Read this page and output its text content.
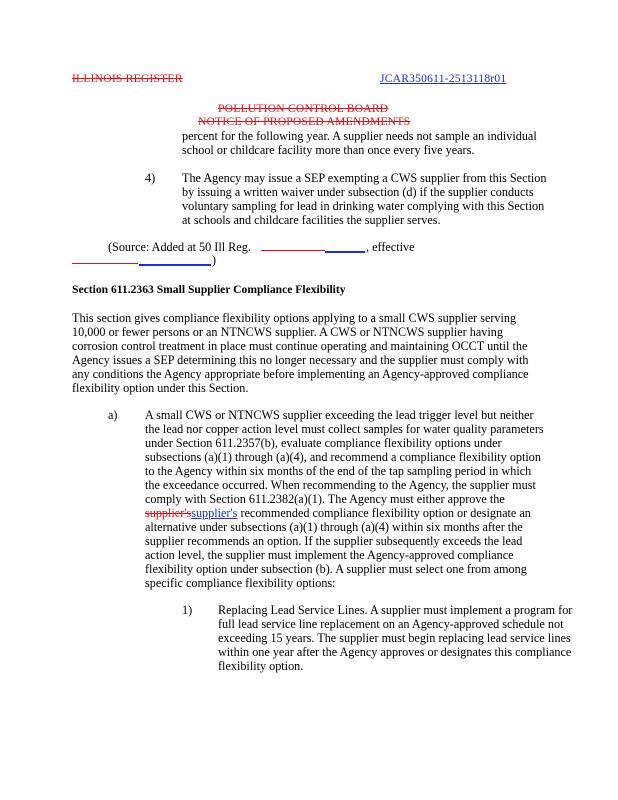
ILLINOIS REGISTER	JCAR350611-2513118r01
POLLUTION CONTROL BOARD
NOTICE OF PROPOSED AMENDMENTS
percent for the following year. A supplier needs not sample an individual
school or childcare facility more than once every five years.
4) The Agency may issue a SEP exempting a CWS supplier from this Section
by issuing a written waiver under subsection (d) if the supplier conducts
voluntary sampling for lead in drinking water complying with this Section
at schools and childcare facilities the supplier serves.
(Source: Added at 50 Ill Reg.	, effective
)
Section 611.2363 Small Supplier Compliance Flexibility
This section gives compliance flexibility options applying to a small CWS supplier serving
10,000 or fewer persons or an NTNCWS supplier. A CWS or NTNCWS supplier having
corrosion control treatment in place must continue operating and maintaining OCCT until the
Agency issues a SEP determining this no longer necessary and the supplier must comply with
any conditions the Agency appropriate before implementing an Agency-approved compliance
flexibility option under this Section.
a) A small CWS or NTNCWS supplier exceeding the lead trigger level but neither
the lead nor copper action level must collect samples for water quality parameters
under Section 611.2357(b), evaluate compliance flexibility options under
subsections (a)(1) through (a)(4), and recommend a compliance flexibility option
to the Agency within six months of the end of the tap sampling period in which
the exceedance occurred. When recommending to the Agency, the supplier must
comply with Section 611.2382(a)(1). The Agency must either approve the
supplier'ssupplier's recommended compliance flexibility option or designate an
alternative under subsections (a)(1) through (a)(4) within six months after the
supplier recommends an option. If the supplier subsequently exceeds the lead
action level, the supplier must implement the Agency-approved compliance
flexibility option under subsection (b). A supplier must select one from among
specific compliance flexibility options:
1) Replacing Lead Service Lines. A supplier must implement a program for
full lead service line replacement on an Agency-approved schedule not
exceeding 15 years. The supplier must begin replacing lead service lines
within one year after the Agency approves or designates this compliance
flexibility option.
